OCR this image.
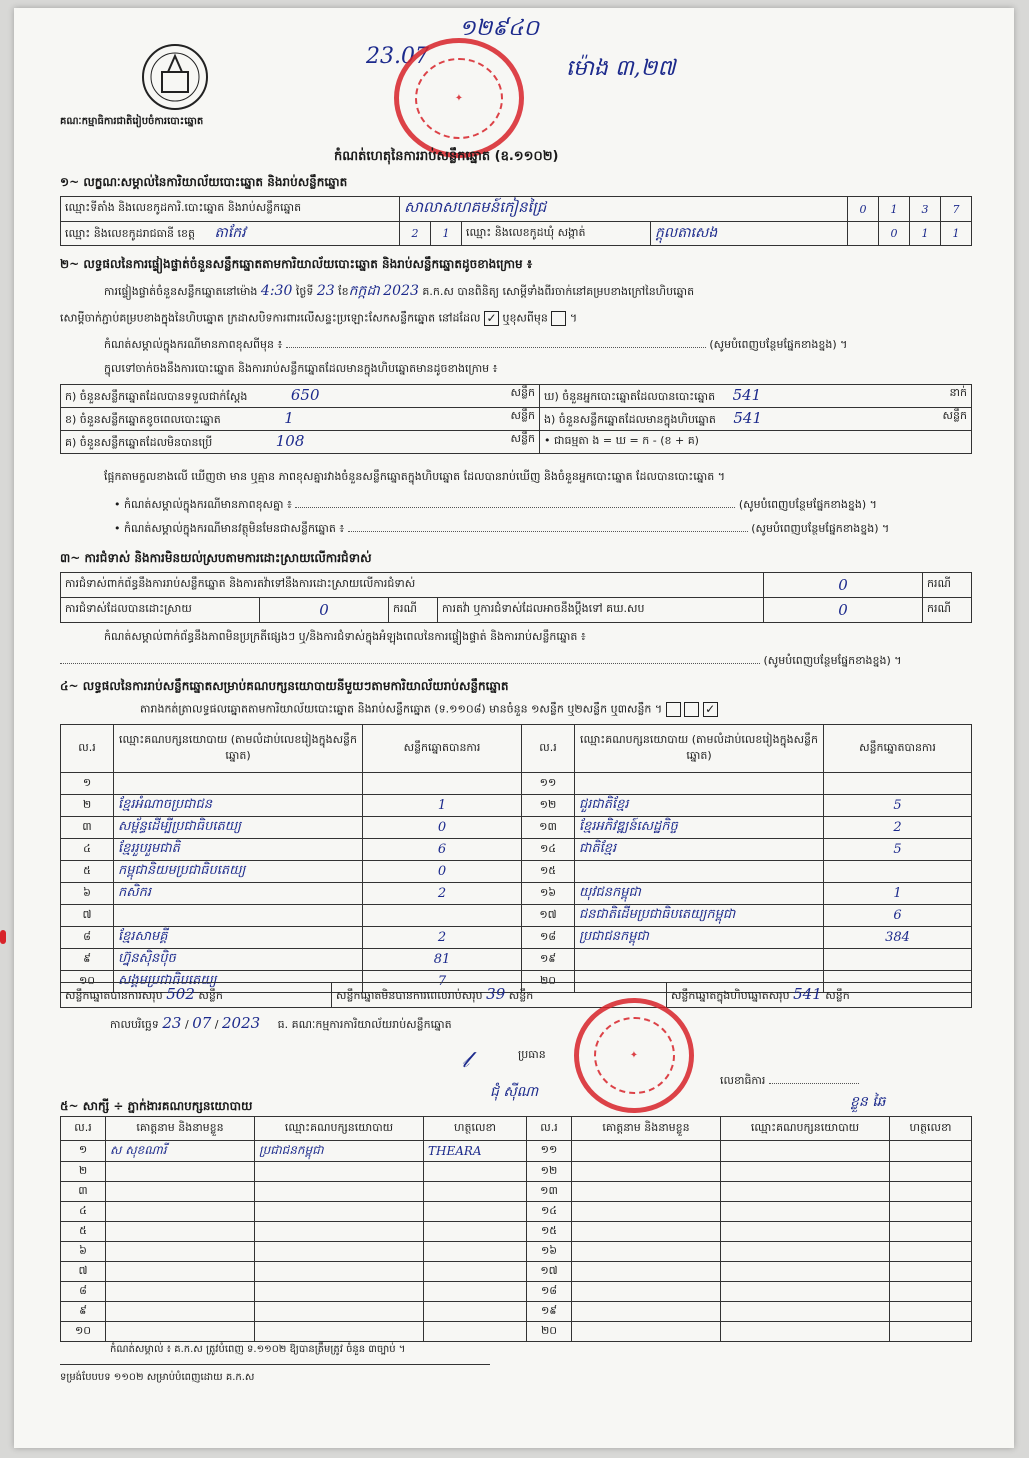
គណៈកម្មាធិការជាតិរៀបចំការបោះឆ្នោត
១២៩៤០
23.07	ម៉ោង ៣,២៧
✦
កំណត់ហេតុនៃការរាប់សន្លឹកឆ្នោត (ឧ.១១០២)
១~ លក្ខណៈសម្គាល់នៃការិយាល័យបោះឆ្នោត និងរាប់សន្លឹកឆ្នោត
ឈ្មោះទីតាំង និងលេខកូដការិ.បោះឆ្នោត និងរាប់សន្លឹកឆ្នោត	សាលាសហគមន៍កៀនជ្រៃ				0	1	3	7
ឈ្មោះ និងលេខកូដរាជធានី ខេត្ត តាកែវ	2	1	ឈ្មោះ និងលេខកូដឃុំ សង្កាត់	ក្តុលតាសេង		0	1	1
២~ លទ្ធផលនៃការផ្ទៀងផ្ទាត់ចំនួនសន្លឹកឆ្នោតតាមការិយាល័យបោះឆ្នោត និងរាប់សន្លឹកឆ្នោតដូចខាងក្រោម ៖
ការផ្ទៀងផ្ទាត់ចំនួនសន្លឹកឆ្នោតនៅម៉ោង 4:30 ថ្ងៃទី 23 ខែកក្កដា 2023 គ.ក.ស បានពិនិត្យ សោម្ដីទាំងពីរចាក់នៅគម្របខាងក្រៅនៃហិបឆ្នោត
សោម្ដីចាក់ភ្ជាប់គម្របខាងក្នុងនៃហិបឆ្នោត ក្រដាសបិទការពារលើសន្ទះប្រឡោះសែកសន្លឹកឆ្នោត នៅដដែល ✓ ឬខុសពីមុន  ។
កំណត់សម្គាល់ក្នុងករណីមានភាពខុសពីមុន ៖	(សូមបំពេញបន្ថែមផ្នែកខាងខ្នង) ។
ក្នុលទៅចាក់ចងនឹងការបោះឆ្នោត និងការរាប់សន្លឹកឆ្នោតដែលមានក្នុងហិបឆ្នោតមានដូចខាងក្រោម ៖
ក) ចំនួនសន្លឹកឆ្នោតដែលបានទទួលជាក់ស្ដែង 650 សន្លឹក	ឃ) ចំនួនអ្នកបោះឆ្នោតដែលបានបោះឆ្នោត 541 នាក់

ខ) ចំនួនសន្លឹកឆ្នោតខូចពេលបោះឆ្នោត 1 សន្លឹក	ង) ចំនួនសន្លឹកឆ្នោតដែលមានក្នុងហិបឆ្នោត 541 សន្លឹក

គ) ចំនួនសន្លឹកឆ្នោតដែលមិនបានប្រើ 108 សន្លឹក	• ជាធម្មតា ង = ឃ = ក - (ខ + គ)
ផ្អែកតាមក្ខលខាងលើ ឃើញថា មាន ឬគ្មាន ភាពខុសគ្នារវាងចំនួនសន្លឹកឆ្នោតក្នុងហិបឆ្នោត ដែលបានរាប់ឃើញ និងចំនួនអ្នកបោះឆ្នោត ដែលបានបោះឆ្នោត ។
• កំណត់សម្គាល់ក្នុងករណីមានភាពខុសគ្នា ៖	(សូមបំពេញបន្ថែមផ្នែកខាងខ្នង) ។
• កំណត់សម្គាល់ក្នុងករណីមានវត្ថុមិនមែនជាសន្លឹកឆ្នោត ៖	(សូមបំពេញបន្ថែមផ្នែកខាងខ្នង) ។
៣~ ការជំទាស់ និងការមិនយល់ស្របតាមការដោះស្រាយលើការជំទាស់
ការជំទាស់ពាក់ព័ន្ធនឹងការរាប់សន្លឹកឆ្នោត និងការតវ៉ាទៅនឹងការដោះស្រាយលើការជំទាស់				0	ករណី
ការជំទាស់ដែលបានដោះស្រាយ	0	ករណី	ការតវ៉ា ឬការជំទាស់ដែលអាចនឹងប្ដឹងទៅ គឃ.សប	0	ករណី
កំណត់សម្គាល់ពាក់ព័ន្ធនឹងភាពមិនប្រក្រតីផ្សេងៗ ឬ/និងការជំទាស់ក្នុងអំឡុងពេលនៃការផ្ទៀងផ្ទាត់ និងការរាប់សន្លឹកឆ្នោត ៖
(សូមបំពេញបន្ថែមផ្នែកខាងខ្នង) ។
៤~ លទ្ធផលនៃការរាប់សន្លឹកឆ្នោតសម្រាប់គណបក្សនយោបាយនីមួយៗតាមការិយាល័យរាប់សន្លឹកឆ្នោត
តារាងកត់ត្រាលទ្ធផលឆ្នោតតាមការិយាល័យបោះឆ្នោត និងរាប់សន្លឹកឆ្នោត (ទ.១១០៨) មានចំនួន ១សន្លឹក ឬ២សន្លឹក ឬ៣សន្លឹក ។	✓
ល.រ	ឈ្មោះគណបក្សនយោបាយ (តាមលំដាប់លេខរៀងក្នុងសន្លឹកឆ្នោត)	សន្លឹកឆ្នោតបានការ	ល.រ	ឈ្មោះគណបក្សនយោបាយ (តាមលំដាប់លេខរៀងក្នុងសន្លឹកឆ្នោត)	សន្លឹកឆ្នោតបានការ
១			១១		
២	ខ្មែរអំណាចប្រជាជន	1	១២	ជួរជាតិខ្មែរ	5
៣	សម្ព័ន្ធដើម្បីប្រជាធិបតេយ្យ	0	១៣	ខ្មែរអភិវឌ្ឍន៍សេដ្ឋកិច្ច	2
៤	ខ្មែររួបរួមជាតិ	6	១៤	ជាតិខ្មែរ	5
៥	កម្ពុជានិយមប្រជាធិបតេយ្យ	0	១៥		
៦	កសិករ	2	១៦	យុវជនកម្ពុជា	1
៧			១៧	ជនជាតិដើមប្រជាធិបតេយ្យកម្ពុជា	6
៨	ខ្មែរសាមគ្គី	2	១៨	ប្រជាជនកម្ពុជា	384
៩	ហ្វ៊ុនស៊ិនប៉ិច	81	១៩		
១០	សង្គមប្រជាធិបតេយ្យ	7	២០		
សន្លឹកឆ្នោតបានការសរុប 502 សន្លឹក	សន្លឹកឆ្នោតមិនបានការពេលរាប់សរុប 39 សន្លឹក	សន្លឹកឆ្នោតក្នុងហិបឆ្នោតសរុប 541 សន្លឹក
កាលបរិច្ឆេទ 23 / 07 / 2023 ធ. គណៈកម្មការការិយាល័យរាប់សន្លឹកឆ្នោត
✦
ប្រធាន
𝓁
ជុំ ស៊ីណា
លេខាធិការ
ខ្លួន ឆៃ
៥~ សាក្សី ÷ ភ្នាក់ងារគណបក្សនយោបាយ
ល.រ	គោត្តនាម និងនាមខ្លួន	ឈ្មោះគណបក្សនយោបាយ	ហត្ថលេខា	ល.រ	គោត្តនាម និងនាមខ្លួន	ឈ្មោះគណបក្សនយោបាយ	ហត្ថលេខា
១	ស សុខណារី	ប្រជាជនកម្ពុជា	THEARA	១១			
២				១២			
៣				១៣			
៤				១៤			
៥				១៥			
៦				១៦			
៧				១៧			
៨				១៨			
៩				១៩			
១០				២០			
កំណត់សម្គាល់ ៖ គ.ក.ស ត្រូវបំពេញ ទ.១១០២ ឱ្យបានត្រឹមត្រូវ ចំនួន ៣ច្បាប់ ។
ទម្រង់បែបបទ ១១០២ សម្រាប់បំពេញដោយ គ.ក.ស
